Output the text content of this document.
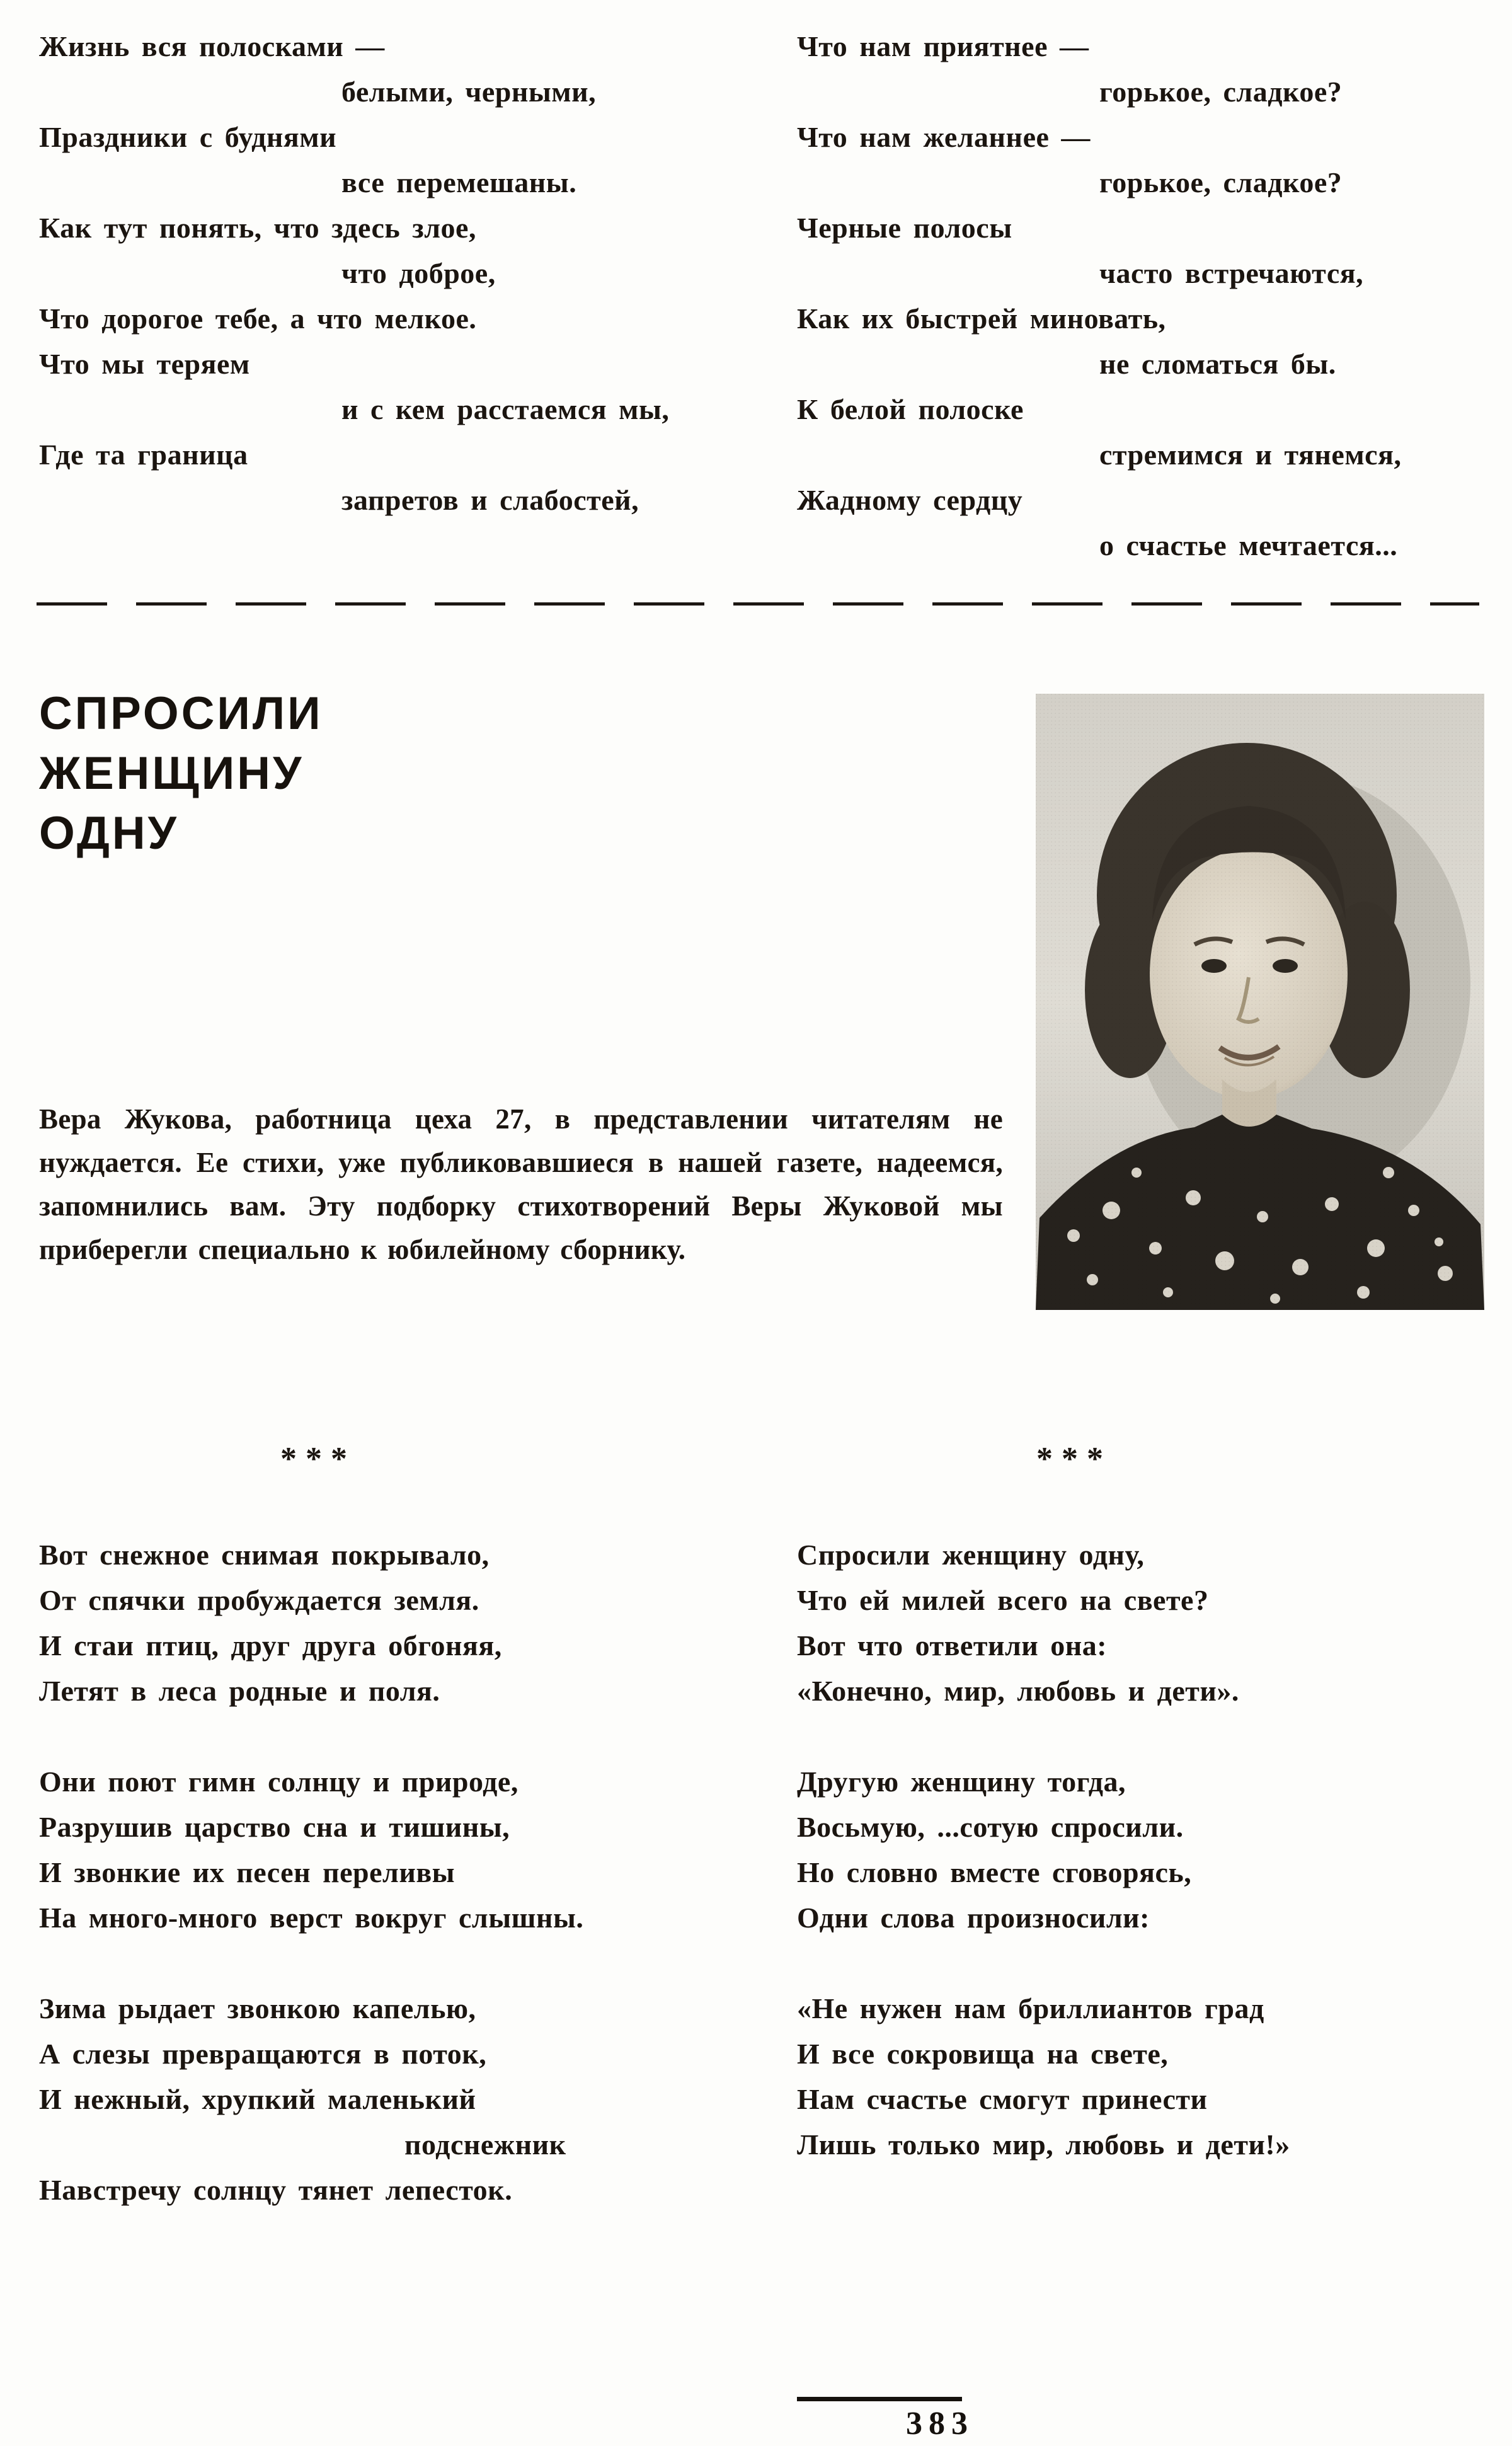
Жизнь вся полосками —
белыми, черными,
Праздники с буднями
все перемешаны.
Как тут понять, что здесь злое,
что доброе,
Что дорогое тебе, а что мелкое.
Что мы теряем
и с кем расстаемся мы,
Где та граница
запретов и слабостей,
Что нам приятнее —
горькое, сладкое?
Что нам желаннее —
горькое, сладкое?
Черные полосы
часто встречаются,
Как их быстрей миновать,
не сломаться бы.
К белой полоске
стремимся и тянемся,
Жадному сердцу
о счастье мечтается...
СПРОСИЛИ
ЖЕНЩИНУ
ОДНУ
Вера Жукова, работница цеха 27, в представлении читателям не нуждается. Ее стихи, уже публиковавшиеся в нашей газете, надеемся, запомнились вам. Эту подборку стихотворений Веры Жуковой мы приберегли специально к юбилейному сборнику.
***	***
Вот снежное снимая покрывало,
От спячки пробуждается земля.
И стаи птиц, друг друга обгоняя,
Летят в леса родные и поля.
Они поют гимн солнцу и природе,
Разрушив царство сна и тишины,
И звонкие их песен переливы
На много-много верст вокруг слышны.
Зима рыдает звонкою капелью,
А слезы превращаются в поток,
И нежный, хрупкий маленький
подснежник
Навстречу солнцу тянет лепесток.
Спросили женщину одну,
Что ей милей всего на свете?
Вот что ответили она:
«Конечно, мир, любовь и дети».
Другую женщину тогда,
Восьмую, ...сотую спросили.
Но словно вместе сговорясь,
Одни слова произносили:
«Не нужен нам бриллиантов град
И все сокровища на свете,
Нам счастье смогут принести
Лишь только мир, любовь и дети!»
383
